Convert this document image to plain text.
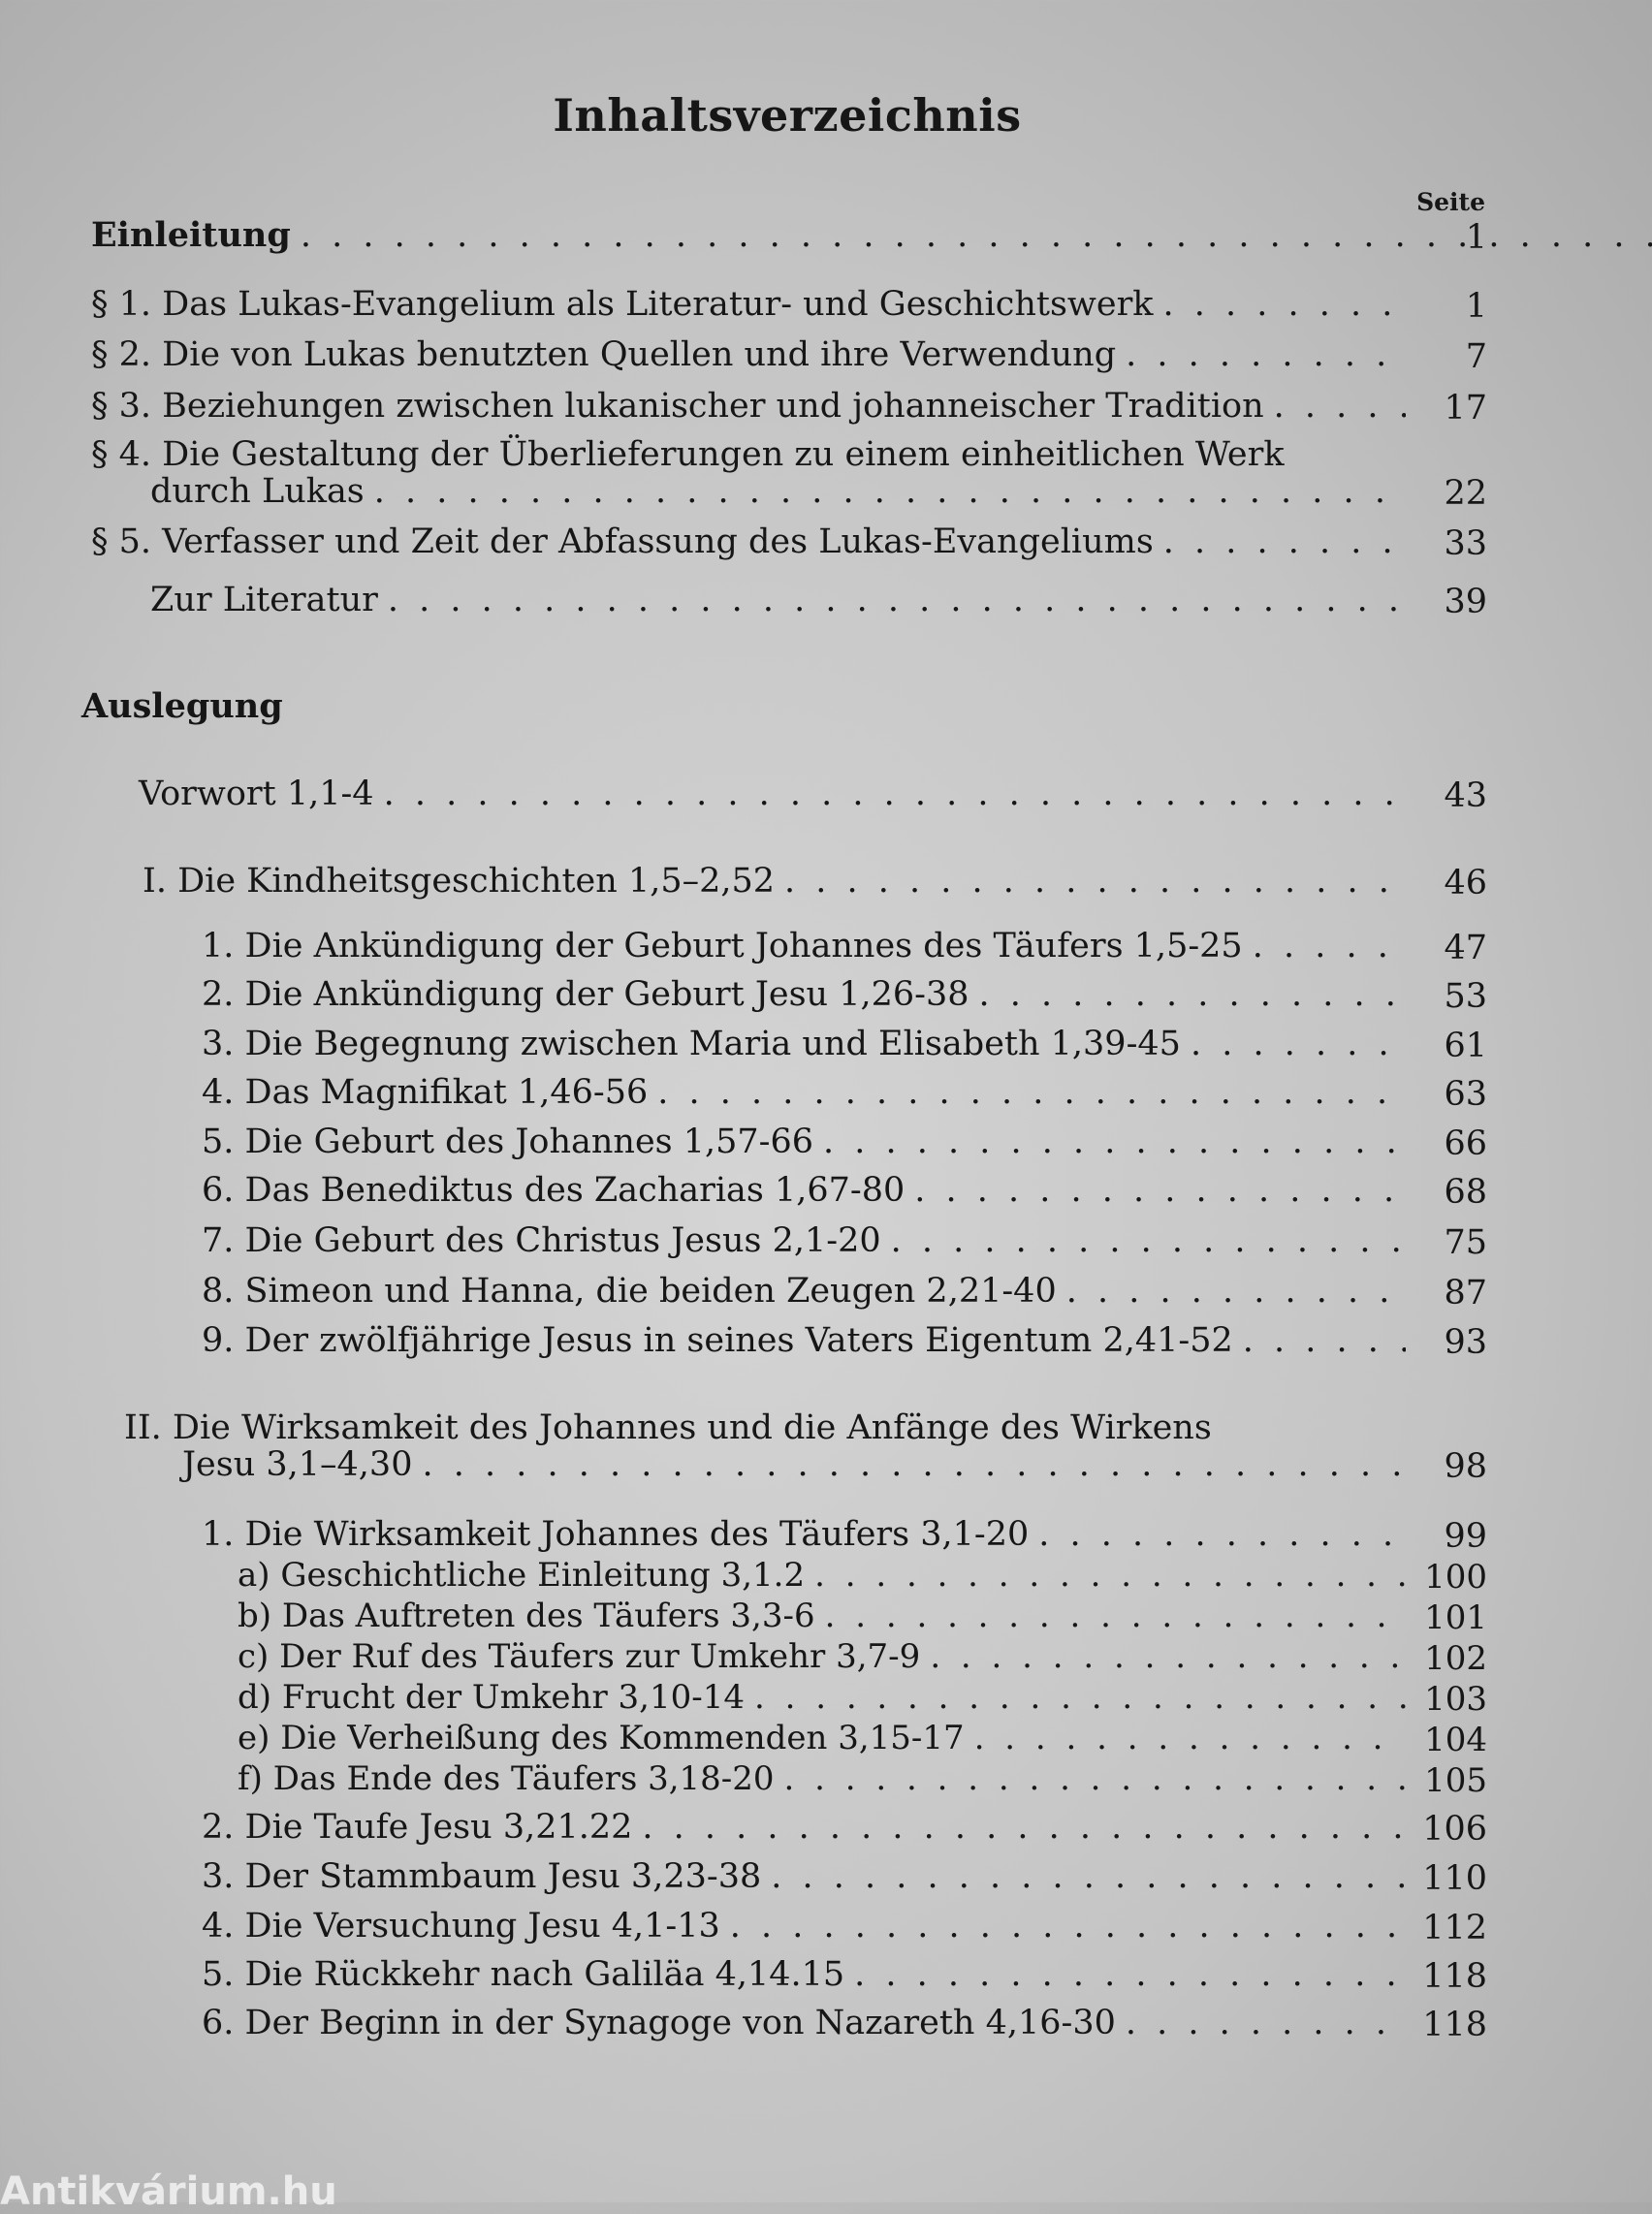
Inhaltsverzeichnis
Seite
Einleitung . . .	1
§ 1. Das Lukas-Evangelium als Literatur- und Geschichtswerk . . .	1
§ 2. Die von Lukas benutzten Quellen und ihre Verwendung . . .	7
§ 3. Beziehungen zwischen lukanischer und johanneischer Tradition . . .	17
§ 4. Die Gestaltung der Überlieferungen zu einem einheitlichen Werk
durch Lukas . . .	22
§ 5. Verfasser und Zeit der Abfassung des Lukas-Evangeliums . . .	33
Zur Literatur . . .	39
Auslegung
Vorwort 1,1-4 . . .	43
I. Die Kindheitsgeschichten 1,5–2,52 . . .	46
1. Die Ankündigung der Geburt Johannes des Täufers 1,5-25 . . .	47
2. Die Ankündigung der Geburt Jesu 1,26-38 . . .	53
3. Die Begegnung zwischen Maria und Elisabeth 1,39-45 . . .	61
4. Das Magnifikat 1,46-56 . . .	63
5. Die Geburt des Johannes 1,57-66 . . .	66
6. Das Benediktus des Zacharias 1,67-80 . . .	68
7. Die Geburt des Christus Jesus 2,1-20 . . .	75
8. Simeon und Hanna, die beiden Zeugen 2,21-40 . . .	87
9. Der zwölfjährige Jesus in seines Vaters Eigentum 2,41-52 . . .	93
II. Die Wirksamkeit des Johannes und die Anfänge des Wirkens
Jesu 3,1–4,30 . . .	98
1. Die Wirksamkeit Johannes des Täufers 3,1-20 . . .	99
a) Geschichtliche Einleitung 3,1.2 . . .	100
b) Das Auftreten des Täufers 3,3-6 . . .	101
c) Der Ruf des Täufers zur Umkehr 3,7-9 . . .	102
d) Frucht der Umkehr 3,10-14 . . .	103
e) Die Verheißung des Kommenden 3,15-17 . . .	104
f) Das Ende des Täufers 3,18-20 . . .	105
2. Die Taufe Jesu 3,21.22 . . .	106
3. Der Stammbaum Jesu 3,23-38 . . .	110
4. Die Versuchung Jesu 4,1-13 . . .	112
5. Die Rückkehr nach Galiläa 4,14.15 . . .	118
6. Der Beginn in der Synagoge von Nazareth 4,16-30 . . .	118
Antikvárium.hu
